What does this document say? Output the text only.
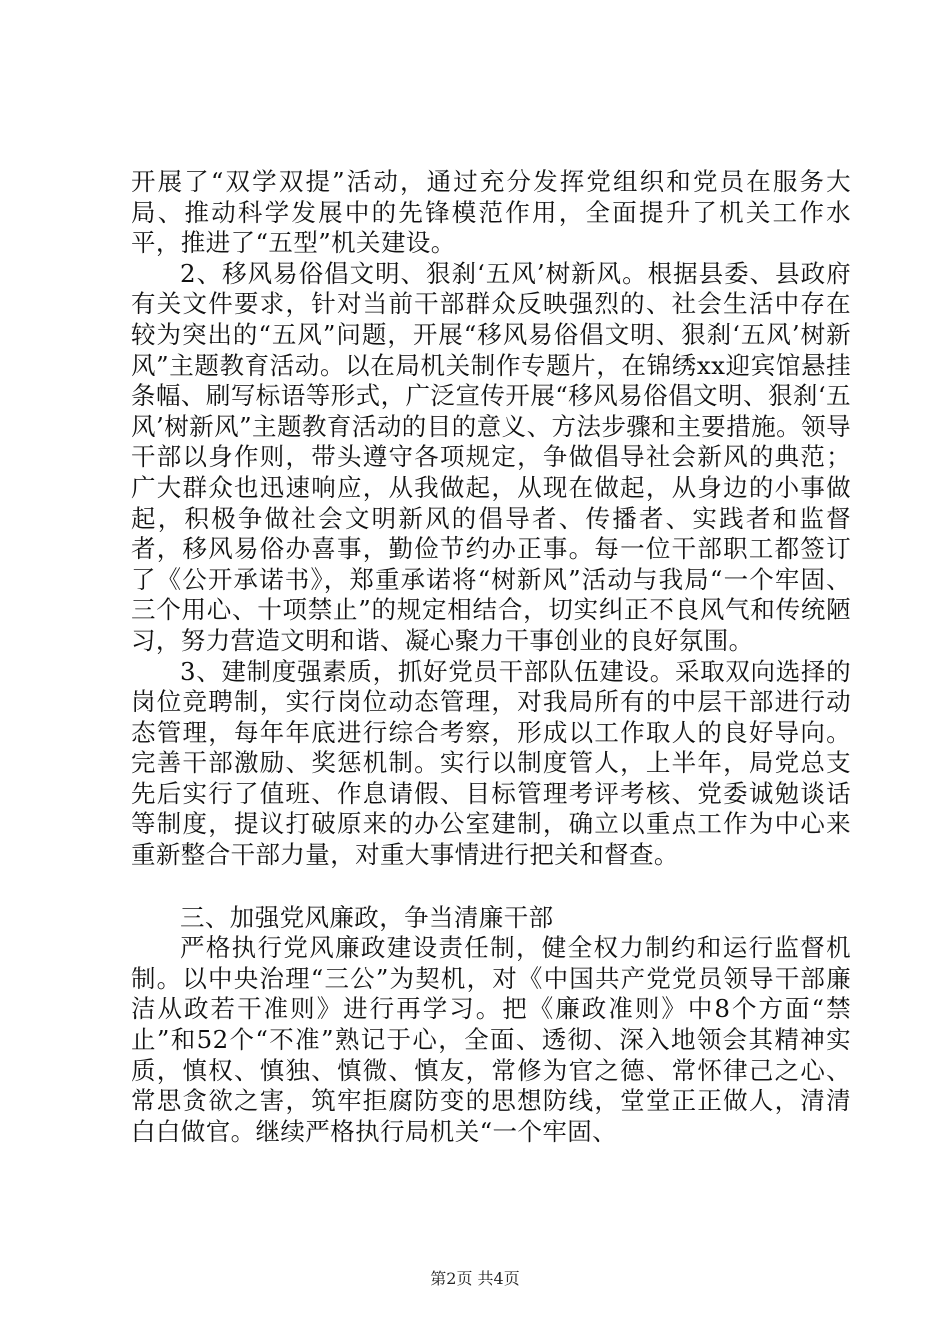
开展了“双学双提”活动，通过充分发挥党组织和党员在服务大局、推动科学发展中的先锋模范作用，全面提升了机关工作水平，推进了“五型”机关建设。

2、移风易俗倡文明、狠刹‘五风’树新风。根据县委、县政府有关文件要求，针对当前干部群众反映强烈的、社会生活中存在较为突出的“五风”问题，开展“移风易俗倡文明、狠刹‘五风’树新风”主题教育活动。以在局机关制作专题片，在锦绣xx迎宾馆悬挂条幅、刷写标语等形式，广泛宣传开展“移风易俗倡文明、狠刹‘五风’树新风”主题教育活动的目的意义、方法步骤和主要措施。领导干部以身作则，带头遵守各项规定，争做倡导社会新风的典范；广大群众也迅速响应，从我做起，从现在做起，从身边的小事做起，积极争做社会文明新风的倡导者、传播者、实践者和监督者，移风易俗办喜事，勤俭节约办正事。每一位干部职工都签订了《公开承诺书》，郑重承诺将“树新风”活动与我局“一个牢固、三个用心、十项禁止”的规定相结合，切实纠正不良风气和传统陋习，努力营造文明和谐、凝心聚力干事创业的良好氛围。

3、建制度强素质，抓好党员干部队伍建设。采取双向选择的岗位竞聘制，实行岗位动态管理，对我局所有的中层干部进行动态管理，每年年底进行综合考察，形成以工作取人的良好导向。完善干部激励、奖惩机制。实行以制度管人，上半年，局党总支先后实行了值班、作息请假、目标管理考评考核、党委诚勉谈话等制度，提议打破原来的办公室建制，确立以重点工作为中心来重新整合干部力量，对重大事情进行把关和督查。

三、加强党风廉政，争当清廉干部

严格执行党风廉政建设责任制，健全权力制约和运行监督机制。以中央治理“三公”为契机，对《中国共产党党员领导干部廉洁从政若干准则》进行再学习。把《廉政准则》中8个方面“禁止”和52个“不准”熟记于心，全面、透彻、深入地领会其精神实质，慎权、慎独、慎微、慎友，常修为官之德、常怀律己之心、常思贪欲之害，筑牢拒腐防变的思想防线，堂堂正正做人，清清白白做官。继续严格执行局机关“一个牢固、

第2页 共4页
